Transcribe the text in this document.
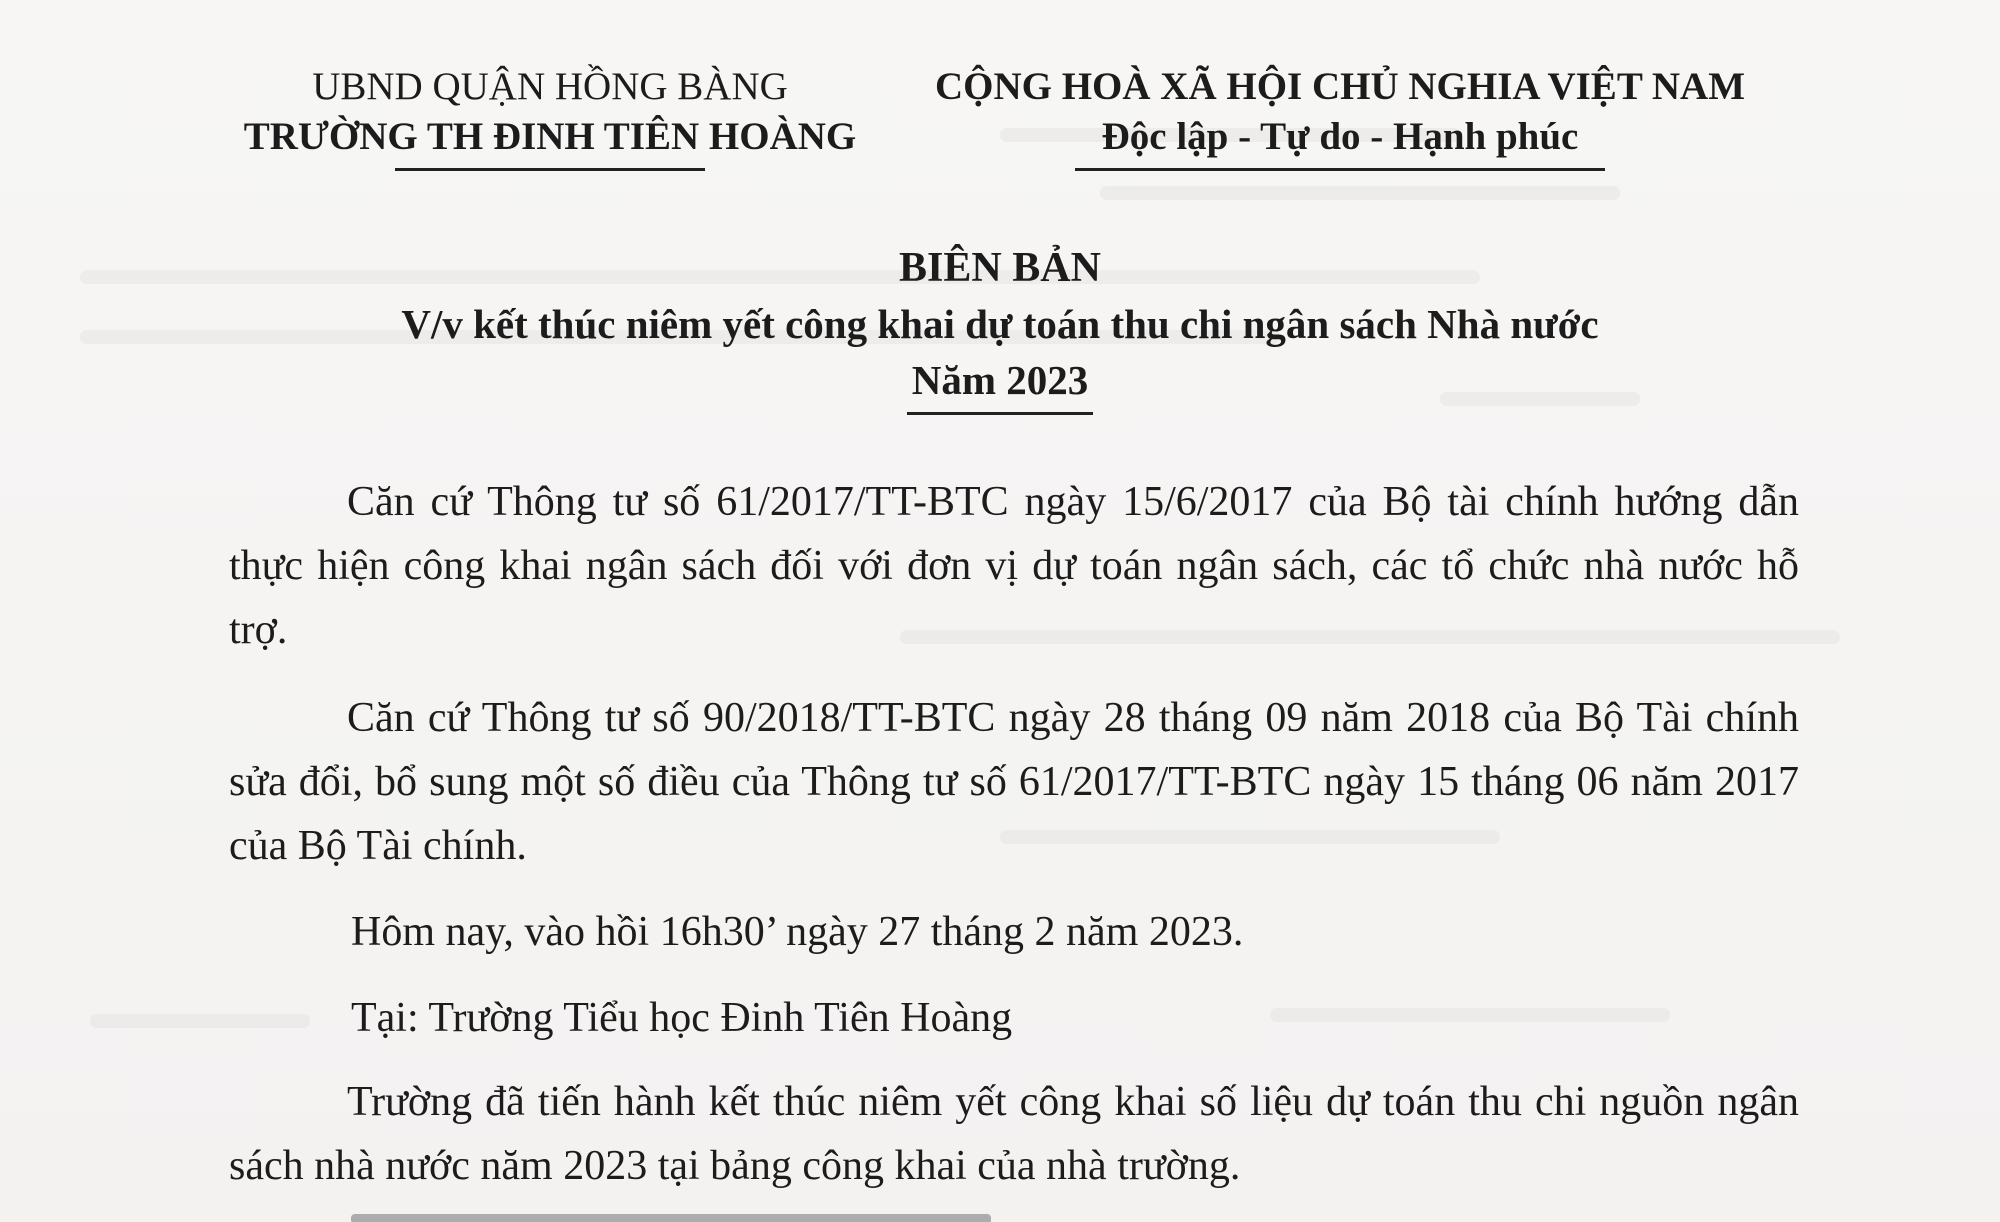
UBND QUẬN HỒNG BÀNG
TRƯỜNG TH ĐINH TIÊN HOÀNG
CỘNG HOÀ XÃ HỘI CHỦ NGHIA VIỆT NAM
Độc lập - Tự do - Hạnh phúc
BIÊN BẢN
V/v kết thúc niêm yết công khai dự toán thu chi ngân sách Nhà nước
Năm 2023
Căn cứ Thông tư số 61/2017/TT-BTC ngày 15/6/2017 của Bộ tài chính hướng dẫn thực hiện công khai ngân sách đối với đơn vị dự toán ngân sách, các tổ chức nhà nước hỗ trợ.
Căn cứ Thông tư số 90/2018/TT-BTC ngày 28 tháng 09 năm 2018 của Bộ Tài chính sửa đổi, bổ sung một số điều của Thông tư số 61/2017/TT-BTC ngày 15 tháng 06 năm 2017 của Bộ Tài chính.
Hôm nay, vào hồi 16h30’ ngày 27 tháng 2 năm 2023.
Tại: Trường Tiểu học Đinh Tiên Hoàng
Trường đã tiến hành kết thúc niêm yết công khai số liệu dự toán thu chi nguồn ngân sách nhà nước năm 2023 tại bảng công khai của nhà trường.
